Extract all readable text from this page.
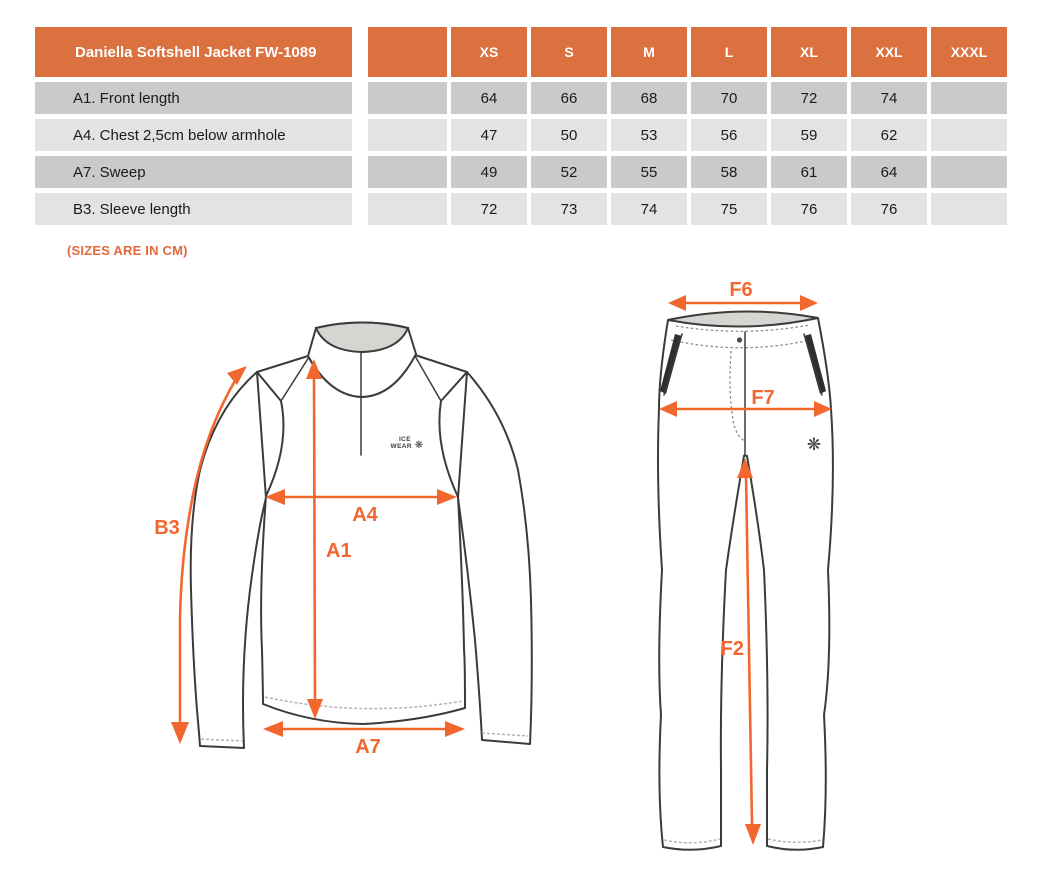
Daniella Softshell Jacket FW-1089	XS	S	M	L	XL	XXL	XXXL
A1. Front length	64	66	68	70	72	74
A4. Chest 2,5cm below armhole	47	50	53	56	59	62
A7. Sweep	49	52	55	58	61	64
B3. Sleeve length	72	73	74	75	76	76
(SIZES ARE IN CM)
ICE
WEAR ❋
B3
A1
A4
A7
❋
F6
F7
F2
